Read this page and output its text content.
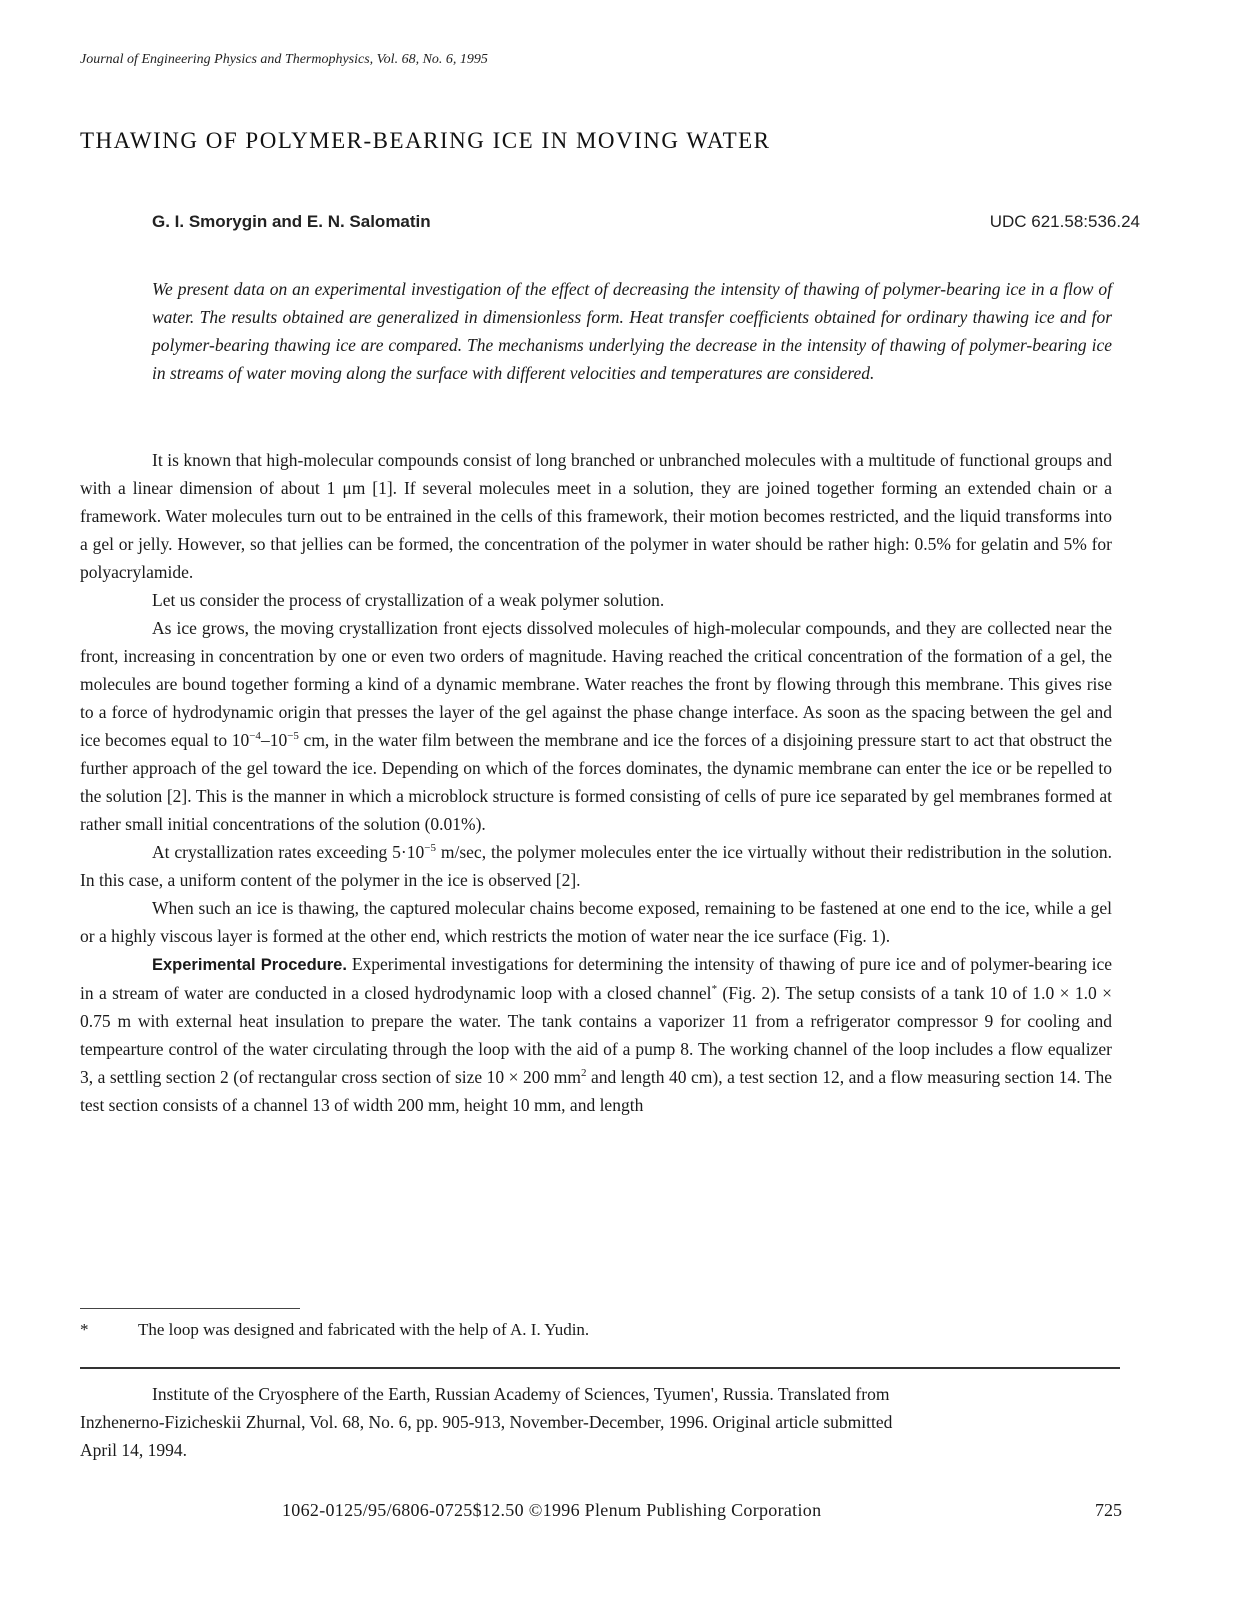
Journal of Engineering Physics and Thermophysics, Vol. 68, No. 6, 1995
THAWING OF POLYMER-BEARING ICE IN MOVING WATER
G. I. Smorygin and E. N. Salomatin	UDC 621.58:536.24

We present data on an experimental investigation of the effect of decreasing the intensity of thawing of polymer-bearing ice in a flow of water. The results obtained are generalized in dimensionless form. Heat transfer coefficients obtained for ordinary thawing ice and for polymer-bearing thawing ice are compared. The mechanisms underlying the decrease in the intensity of thawing of polymer-bearing ice in streams of water moving along the surface with different velocities and temperatures are considered.

It is known that high-molecular compounds consist of long branched or unbranched molecules with a multitude of functional groups and with a linear dimension of about 1 μm [1]. If several molecules meet in a solution, they are joined together forming an extended chain or a framework. Water molecules turn out to be entrained in the cells of this framework, their motion becomes restricted, and the liquid transforms into a gel or jelly. However, so that jellies can be formed, the concentration of the polymer in water should be rather high: 0.5% for gelatin and 5% for polyacrylamide.

Let us consider the process of crystallization of a weak polymer solution.

As ice grows, the moving crystallization front ejects dissolved molecules of high-molecular compounds, and they are collected near the front, increasing in concentration by one or even two orders of magnitude. Having reached the critical concentration of the formation of a gel, the molecules are bound together forming a kind of a dynamic membrane. Water reaches the front by flowing through this membrane. This gives rise to a force of hydrodynamic origin that presses the layer of the gel against the phase change interface. As soon as the spacing between the gel and ice becomes equal to $10^{-4}-10^{-5}$ cm, in the water film between the membrane and ice the forces of a disjoining pressure start to act that obstruct the further approach of the gel toward the ice. Depending on which of the forces dominates, the dynamic membrane can enter the ice or be repelled to the solution [2]. This is the manner in which a microblock structure is formed consisting of cells of pure ice separated by gel membranes formed at rather small initial concentrations of the solution (0.01%).

At crystallization rates exceeding $5\cdot 10^{-5}$ m/sec, the polymer molecules enter the ice virtually without their redistribution in the solution. In this case, a uniform content of the polymer in the ice is observed [2].

When such an ice is thawing, the captured molecular chains become exposed, remaining to be fastened at one end to the ice, while a gel or a highly viscous layer is formed at the other end, which restricts the motion of water near the ice surface (Fig. 1).

Experimental Procedure. Experimental investigations for determining the intensity of thawing of pure ice and of polymer-bearing ice in a stream of water are conducted in a closed hydrodynamic loop with a closed channel* (Fig. 2). The setup consists of a tank 10 of 1.0 × 1.0 × 0.75 m with external heat insulation to prepare the water. The tank contains a vaporizer 11 from a refrigerator compressor 9 for cooling and tempearture control of the water circulating through the loop with the aid of a pump 8. The working channel of the loop includes a flow equalizer 3, a settling section 2 (of rectangular cross section of size 10 × 200 $mm^2$ and length 40 cm), a test section 12, and a flow measuring section 14. The test section consists of a channel 13 of width 200 mm, height 10 mm, and length

*	The loop was designed and fabricated with the help of A. I. Yudin.

Institute of the Cryosphere of the Earth, Russian Academy of Sciences, Tyumen', Russia. Translated from
Inzhenerno-Fizicheskii Zhurnal, Vol. 68, No. 6, pp. 905-913, November-December, 1996. Original article submitted
April 14, 1994.

1062-0125/95/6806-0725$12.50 ©1996 Plenum Publishing Corporation	725
